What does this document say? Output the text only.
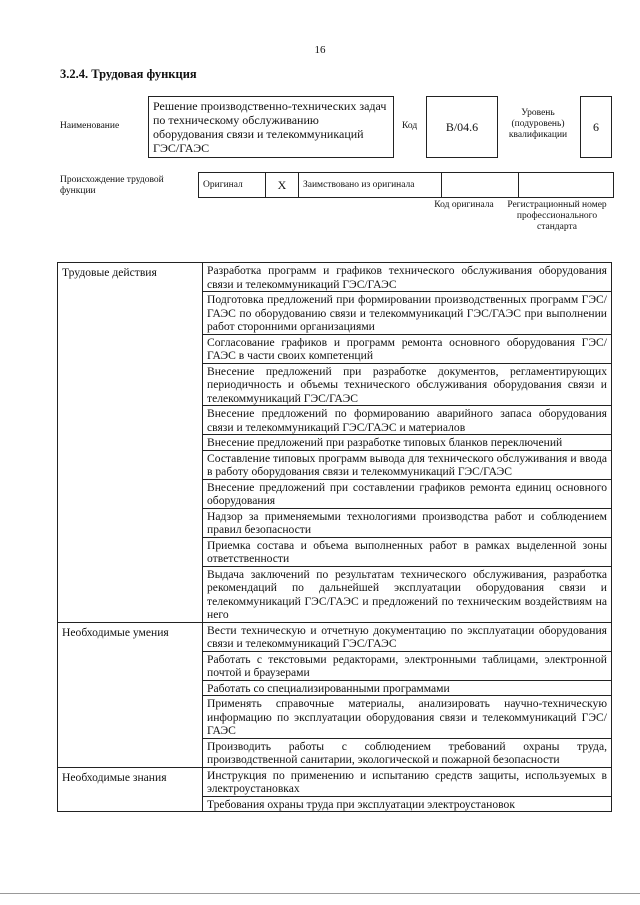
16
3.2.4. Трудовая функция
Наименование
Решение производственно-технических задач по техническому обслуживанию оборудования связи и телекоммуникаций ГЭС/ГАЭС
Код	B/04.6
Уровень (подуровень) квалификации
6
Происхождение трудовой функции
Оригинал	X	Заимствовано из оригинала		
Код оригинала	Регистрационный номер профессионального стандарта
Трудовые действия	Разработка программ и графиков технического обслуживания оборудования связи и телекоммуникаций ГЭС/ГАЭС
	Подготовка предложений при формировании производственных программ ГЭС/ГАЭС по оборудованию связи и телекоммуникаций ГЭС/ГАЭС при выполнении работ сторонними организациями
	Согласование графиков и программ ремонта основного оборудования ГЭС/ГАЭС в части своих компетенций
	Внесение предложений при разработке документов, регламентирующих периодичность и объемы технического обслуживания оборудования связи и телекоммуникаций ГЭС/ГАЭС
	Внесение предложений по формированию аварийного запаса оборудования связи и телекоммуникаций ГЭС/ГАЭС и материалов
	Внесение предложений при разработке типовых бланков переключений
	Составление типовых программ вывода для технического обслуживания и ввода в работу оборудования связи и телекоммуникаций ГЭС/ГАЭС
	Внесение предложений при составлении графиков ремонта единиц основного оборудования
	Надзор за применяемыми технологиями производства работ и соблюдением правил безопасности
	Приемка состава и объема выполненных работ в рамках выделенной зоны ответственности
	Выдача заключений по результатам технического обслуживания, разработка рекомендаций по дальнейшей эксплуатации оборудования связи и телекоммуникаций ГЭС/ГАЭС и предложений по техническим воздействиям на него
Необходимые умения	Вести техническую и отчетную документацию по эксплуатации оборудования связи и телекоммуникаций ГЭС/ГАЭС
	Работать с текстовыми редакторами, электронными таблицами, электронной почтой и браузерами
	Работать со специализированными программами
	Применять справочные материалы, анализировать научно-техническую информацию по эксплуатации оборудования связи и телекоммуникаций ГЭС/ГАЭС
	Производить работы с соблюдением требований охраны труда, производственной санитарии, экологической и пожарной безопасности
Необходимые знания	Инструкция по применению и испытанию средств защиты, используемых в электроустановках
	Требования охраны труда при эксплуатации электроустановок
